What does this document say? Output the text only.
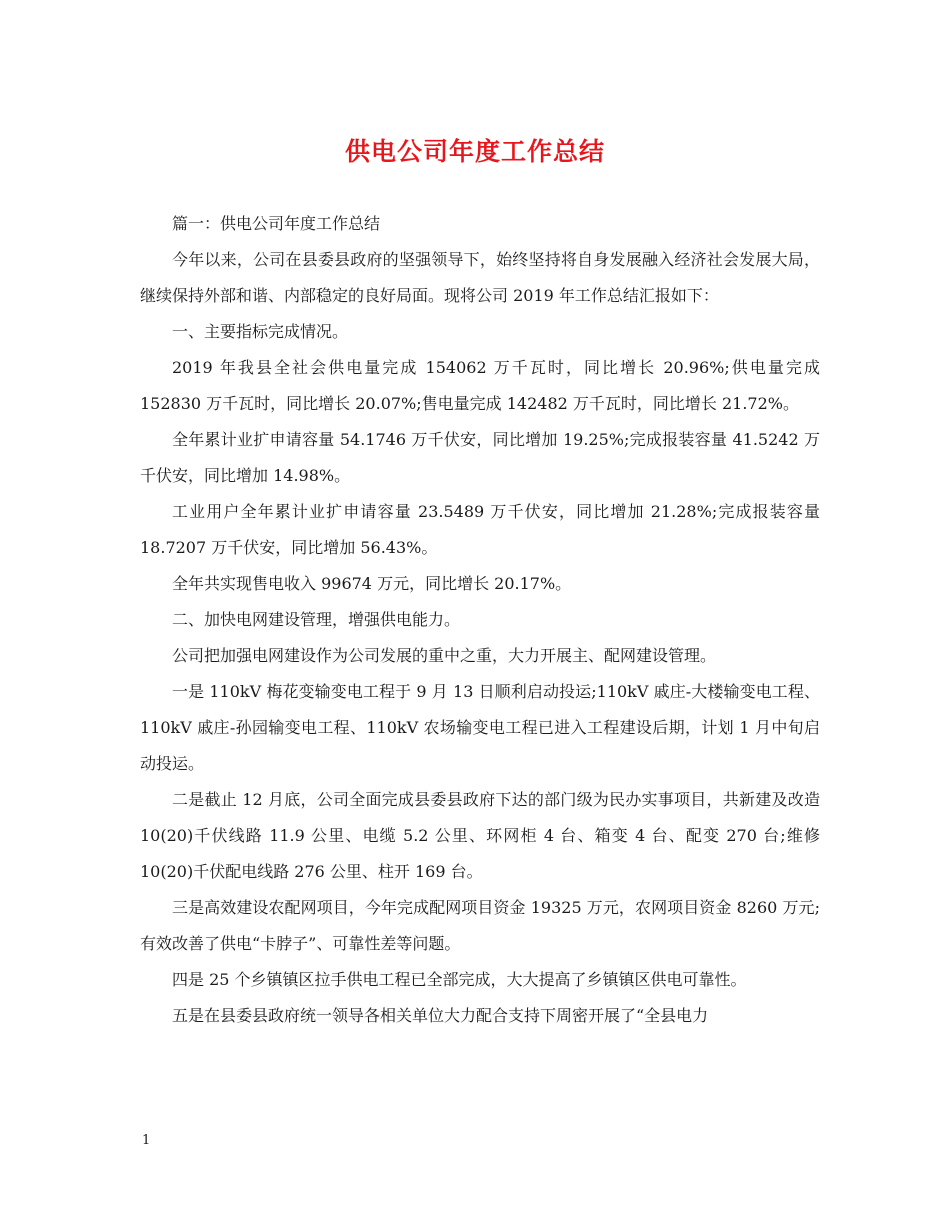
供电公司年度工作总结

篇一：供电公司年度工作总结

今年以来，公司在县委县政府的坚强领导下，始终坚持将自身发展融入经济社会发展大局，继续保持外部和谐、内部稳定的良好局面。现将公司 2019 年工作总结汇报如下：

一、主要指标完成情况。

2019 年我县全社会供电量完成 154062 万千瓦时，同比增长 20.96%;供电量完成 152830 万千瓦时，同比增长 20.07%;售电量完成 142482 万千瓦时，同比增长 21.72%。

全年累计业扩申请容量 54.1746 万千伏安，同比增加 19.25%;完成报装容量 41.5242 万千伏安，同比增加 14.98%。

工业用户全年累计业扩申请容量 23.5489 万千伏安，同比增加 21.28%;完成报装容量 18.7207 万千伏安，同比增加 56.43%。

全年共实现售电收入 99674 万元，同比增长 20.17%。

二、加快电网建设管理，增强供电能力。

公司把加强电网建设作为公司发展的重中之重，大力开展主、配网建设管理。

一是 110kV 梅花变输变电工程于 9 月 13 日顺利启动投运;110kV 戚庄-大楼输变电工程、110kV 戚庄-孙园输变电工程、110kV 农场输变电工程已进入工程建设后期，计划 1 月中旬启动投运。

二是截止 12 月底，公司全面完成县委县政府下达的部门级为民办实事项目，共新建及改造 10(20)千伏线路 11.9 公里、电缆 5.2 公里、环网柜 4 台、箱变 4 台、配变 270 台;维修 10(20)千伏配电线路 276 公里、柱开 169 台。

三是高效建设农配网项目，今年完成配网项目资金 19325 万元，农网项目资金 8260 万元;有效改善了供电“卡脖子”、可靠性差等问题。

四是 25 个乡镇镇区拉手供电工程已全部完成，大大提高了乡镇镇区供电可靠性。

五是在县委县政府统一领导各相关单位大力配合支持下周密开展了“全县电力

1
